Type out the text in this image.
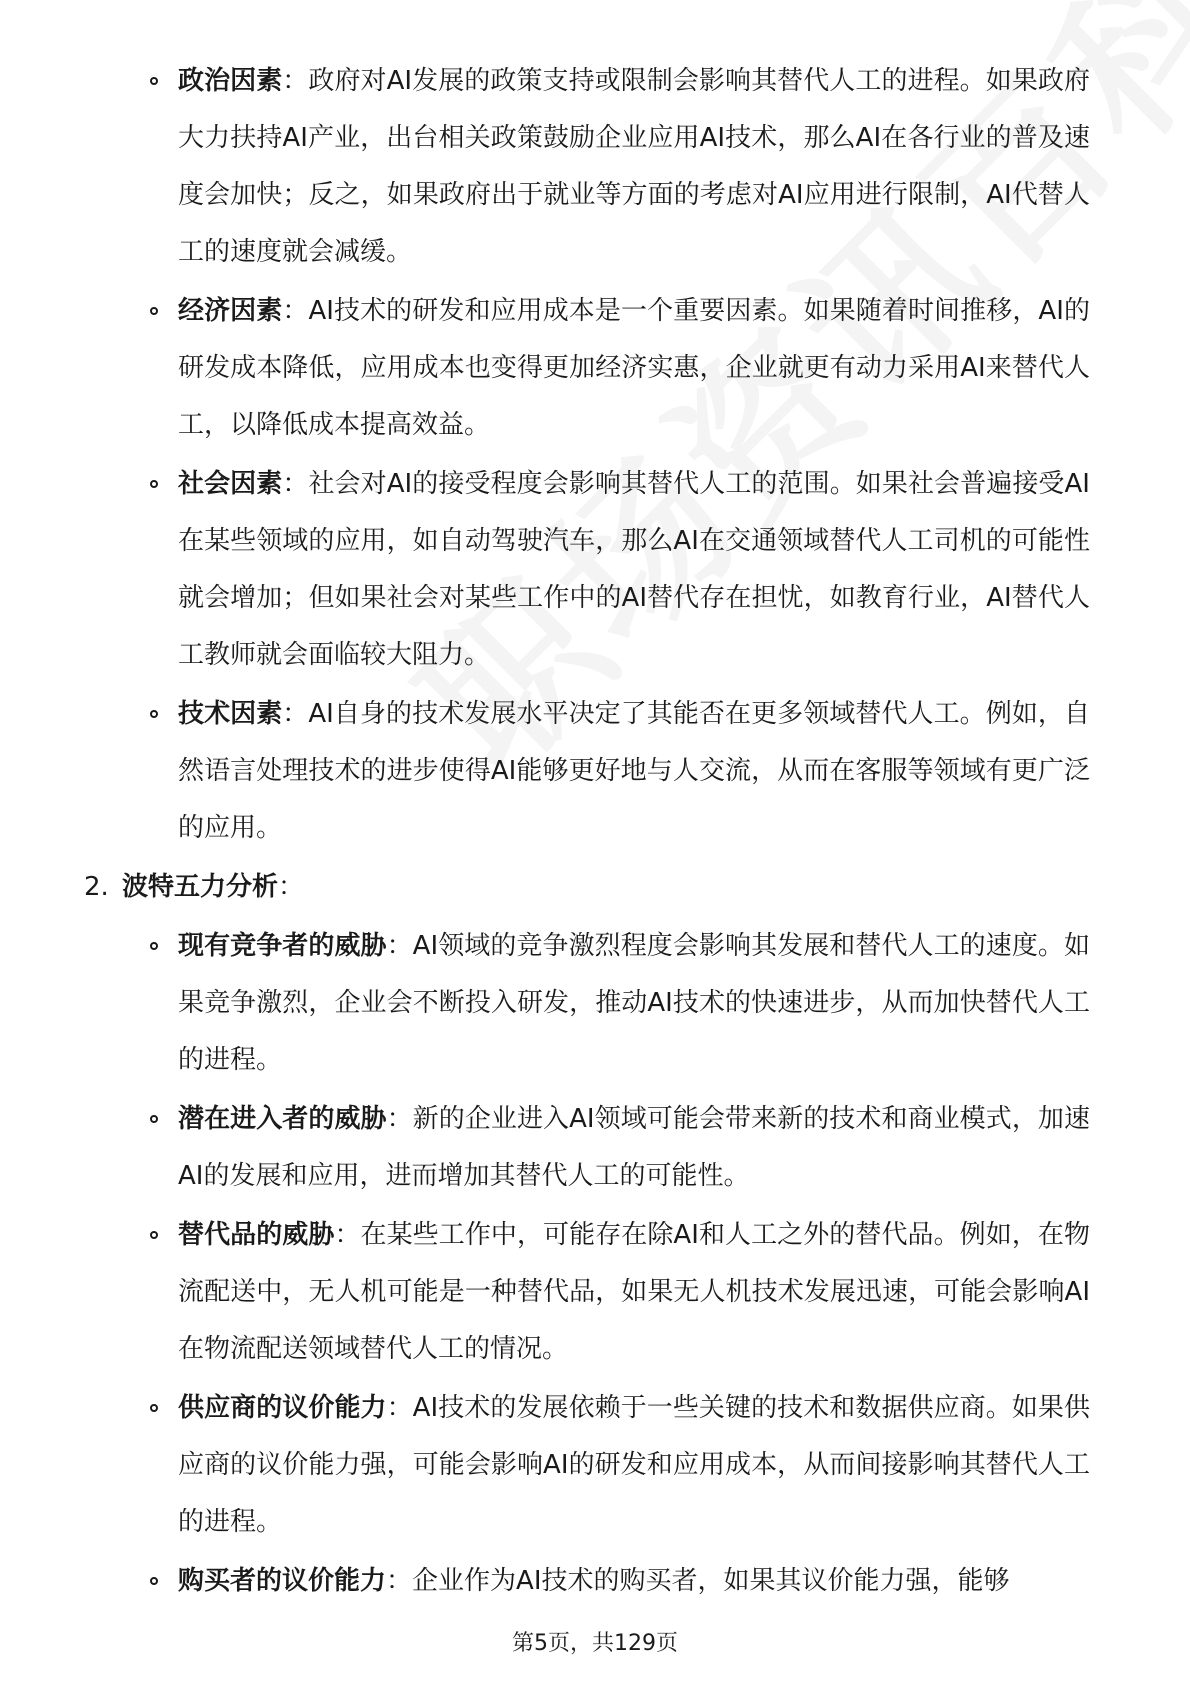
政治因素：政府对AI发展的政策支持或限制会影响其替代人工的进程。如果政府大力扶持AI产业，出台相关政策鼓励企业应用AI技术，那么AI在各行业的普及速度会加快；反之，如果政府出于就业等方面的考虑对AI应用进行限制，AI代替人工的速度就会减缓。
经济因素：AI技术的研发和应用成本是一个重要因素。如果随着时间推移，AI的研发成本降低，应用成本也变得更加经济实惠，企业就更有动力采用AI来替代人工，以降低成本提高效益。
社会因素：社会对AI的接受程度会影响其替代人工的范围。如果社会普遍接受AI在某些领域的应用，如自动驾驶汽车，那么AI在交通领域替代人工司机的可能性就会增加；但如果社会对某些工作中的AI替代存在担忧，如教育行业，AI替代人工教师就会面临较大阻力。
技术因素：AI自身的技术发展水平决定了其能否在更多领域替代人工。例如，自然语言处理技术的进步使得AI能够更好地与人交流，从而在客服等领域有更广泛的应用。
2. 波特五力分析：
现有竞争者的威胁：AI领域的竞争激烈程度会影响其发展和替代人工的速度。如果竞争激烈，企业会不断投入研发，推动AI技术的快速进步，从而加快替代人工的进程。
潜在进入者的威胁：新的企业进入AI领域可能会带来新的技术和商业模式，加速AI的发展和应用，进而增加其替代人工的可能性。
替代品的威胁：在某些工作中，可能存在除AI和人工之外的替代品。例如，在物流配送中，无人机可能是一种替代品，如果无人机技术发展迅速，可能会影响AI在物流配送领域替代人工的情况。
供应商的议价能力：AI技术的发展依赖于一些关键的技术和数据供应商。如果供应商的议价能力强，可能会影响AI的研发和应用成本，从而间接影响其替代人工的进程。
购买者的议价能力：企业作为AI技术的购买者，如果其议价能力强，能够
第5页，共129页
